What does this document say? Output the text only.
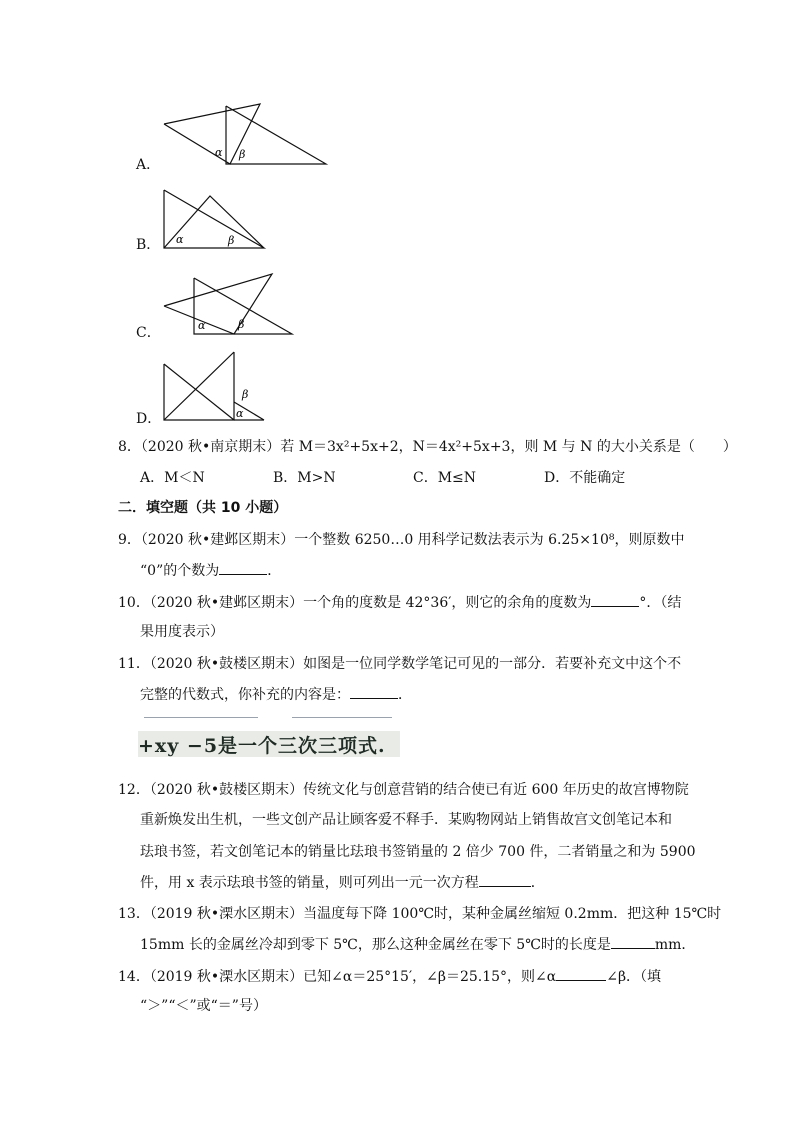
A．
α β
B． α	β
C．	α	β
D．
β
α
8．（2020 秋•南京期末）若 M＝3x²+5x+2，N＝4x²+5x+3，则 M 与 N 的大小关系是（　　）
A．M＜N	B．M>N	C．M≤N	D．不能确定
二．填空题（共 10 小题）
9．（2020 秋•建邺区期末）一个整数 6250…0 用科学记数法表示为 6.25×10⁸，则原数中
“0”的个数为	．
10．（2020 秋•建邺区期末）一个角的度数是 42°36′，则它的余角的度数为	°．（结
果用度表示）
11．（2020 秋•鼓楼区期末）如图是一位同学数学笔记可见的一部分．若要补充文中这个不
完整的代数式，你补充的内容是：	．
+xy −5是一个三次三项式.
12．（2020 秋•鼓楼区期末）传统文化与创意营销的结合使已有近 600 年历史的故宫博物院
重新焕发出生机，一些文创产品让顾客爱不释手．某购物网站上销售故宫文创笔记本和
珐琅书签，若文创笔记本的销量比珐琅书签销量的 2 倍少 700 件，二者销量之和为 5900
件，用 x 表示珐琅书签的销量，则可列出一元一次方程	．
13．（2019 秋•溧水区期末）当温度每下降 100℃时，某种金属丝缩短 0.2mm．把这种 15℃时
15mm 长的金属丝冷却到零下 5℃，那么这种金属丝在零下 5℃时的长度是	mm．
14．（2019 秋•溧水区期末）已知∠α＝25°15′，∠β＝25.15°，则∠α	∠β．（填
“＞”“＜”或“＝”号）
